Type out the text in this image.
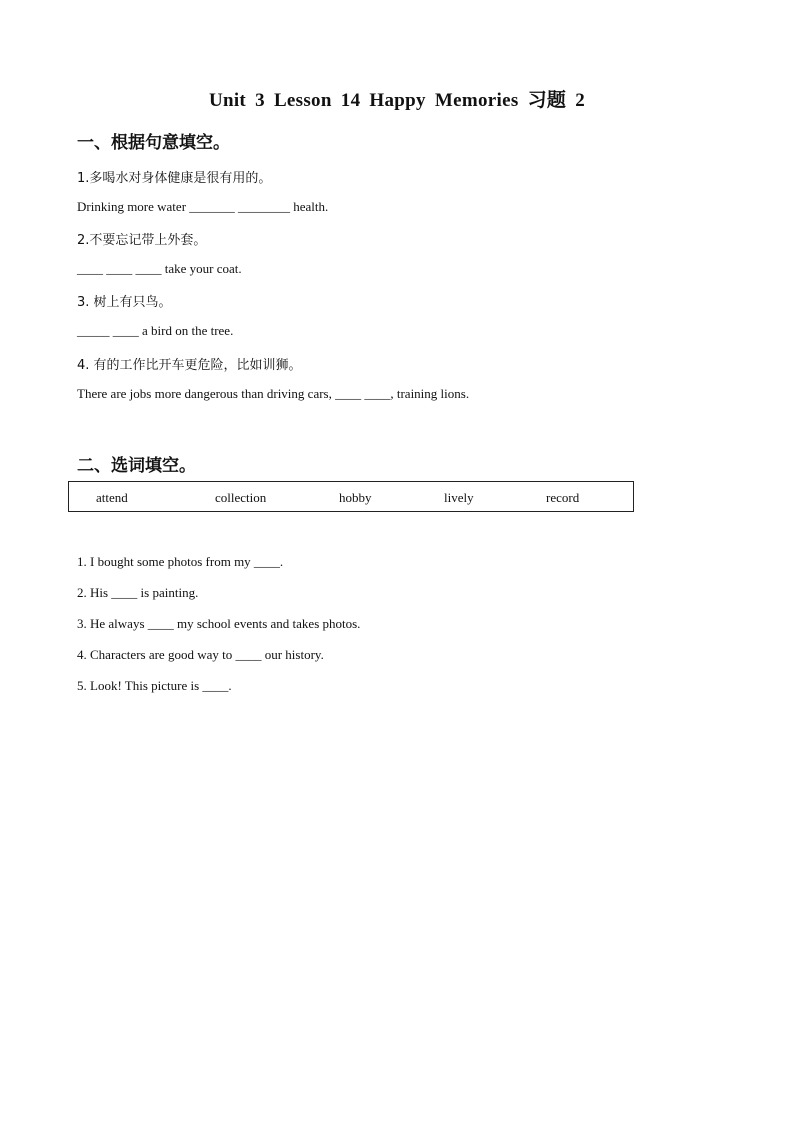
Unit 3 Lesson 14 Happy Memories 习题 2
一、根据句意填空。
1.多喝水对身体健康是很有用的。
Drinking more water _______ ________ health.
2.不要忘记带上外套。
____ ____ ____ take your coat.
3. 树上有只鸟。
_____ ____ a bird on the tree.
4. 有的工作比开车更危险，比如训狮。
There are jobs more dangerous than driving cars, ____ ____, training lions.
二、选词填空。
attend	collection	hobby	lively	record
1. I bought some photos from my ____.
2. His ____ is painting.
3. He always ____ my school events and takes photos.
4. Characters are good way to ____ our history.
5. Look! This picture is ____.
